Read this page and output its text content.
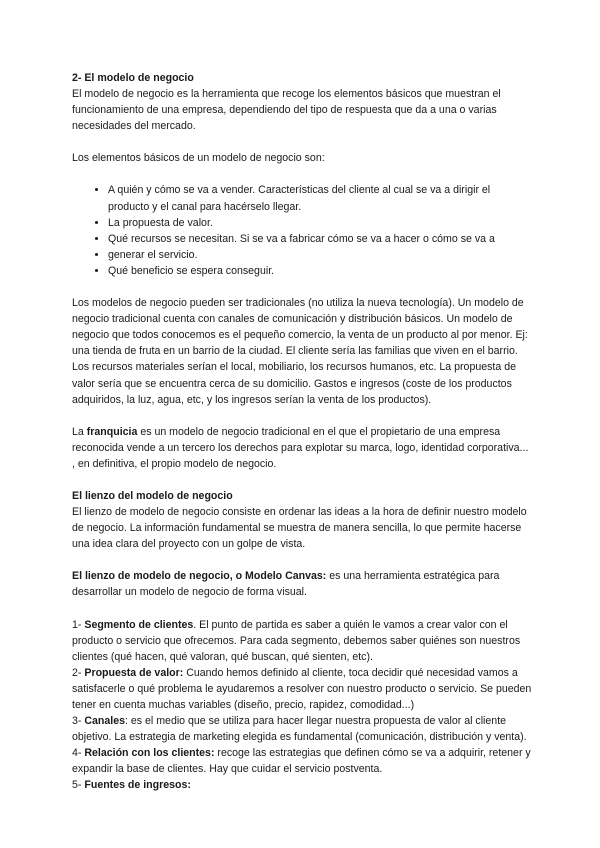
2- El modelo de negocio

El modelo de negocio es la herramienta que recoge los elementos básicos que muestran el funcionamiento de una empresa, dependiendo del tipo de respuesta que da a una o varias necesidades del mercado.

Los elementos básicos de un modelo de negocio son:

• A quién y cómo se va a vender. Características del cliente al cual se va a dirigir el producto y el canal para hacérselo llegar.
• La propuesta de valor.
• Qué recursos se necesitan. Si se va a fabricar cómo se va a hacer o cómo se va a
• generar el servicio.
• Qué beneficio se espera conseguir.

Los modelos de negocio pueden ser tradicionales (no utiliza la nueva tecnología). Un modelo de negocio tradicional cuenta con canales de comunicación y distribución básicos. Un modelo de negocio que todos conocemos es el pequeño comercio, la venta de un producto al por menor. Ej: una tienda de fruta en un barrio de la ciudad. El cliente sería las familias que viven en el barrio. Los recursos materiales serían el local, mobiliario, los recursos humanos, etc. La propuesta de valor sería que se encuentra cerca de su domicilio. Gastos e ingresos (coste de los productos adquiridos, la luz, agua, etc, y los ingresos serían la venta de los productos).

La franquicia es un modelo de negocio tradicional en el que el propietario de una empresa reconocida vende a un tercero los derechos para explotar su marca, logo, identidad corporativa... , en definitiva, el propio modelo de negocio.

El lienzo del modelo de negocio

El lienzo de modelo de negocio consiste en ordenar las ideas a la hora de definir nuestro modelo de negocio. La información fundamental se muestra de manera sencilla, lo que permite hacerse una idea clara del proyecto con un golpe de vista.

El lienzo de modelo de negocio, o Modelo Canvas: es una herramienta estratégica para desarrollar un modelo de negocio de forma visual.

1- Segmento de clientes. El punto de partida es saber a quién le vamos a crear valor con el producto o servicio que ofrecemos. Para cada segmento, debemos saber quiénes son nuestros clientes (qué hacen, qué valoran, qué buscan, qué sienten, etc).

2- Propuesta de valor: Cuando hemos definido al cliente, toca decidir qué necesidad vamos a satisfacerle o qué problema le ayudaremos a resolver con nuestro producto o servicio. Se pueden tener en cuenta muchas variables (diseño, precio, rapidez, comodidad...)

3- Canales: es el medio que se utiliza para hacer llegar nuestra propuesta de valor al cliente objetivo. La estrategia de marketing elegida es fundamental (comunicación, distribución y venta).

4- Relación con los clientes: recoge las estrategias que definen cómo se va a adquirir, retener y expandir la base de clientes. Hay que cuidar el servicio postventa.

5- Fuentes de ingresos:
